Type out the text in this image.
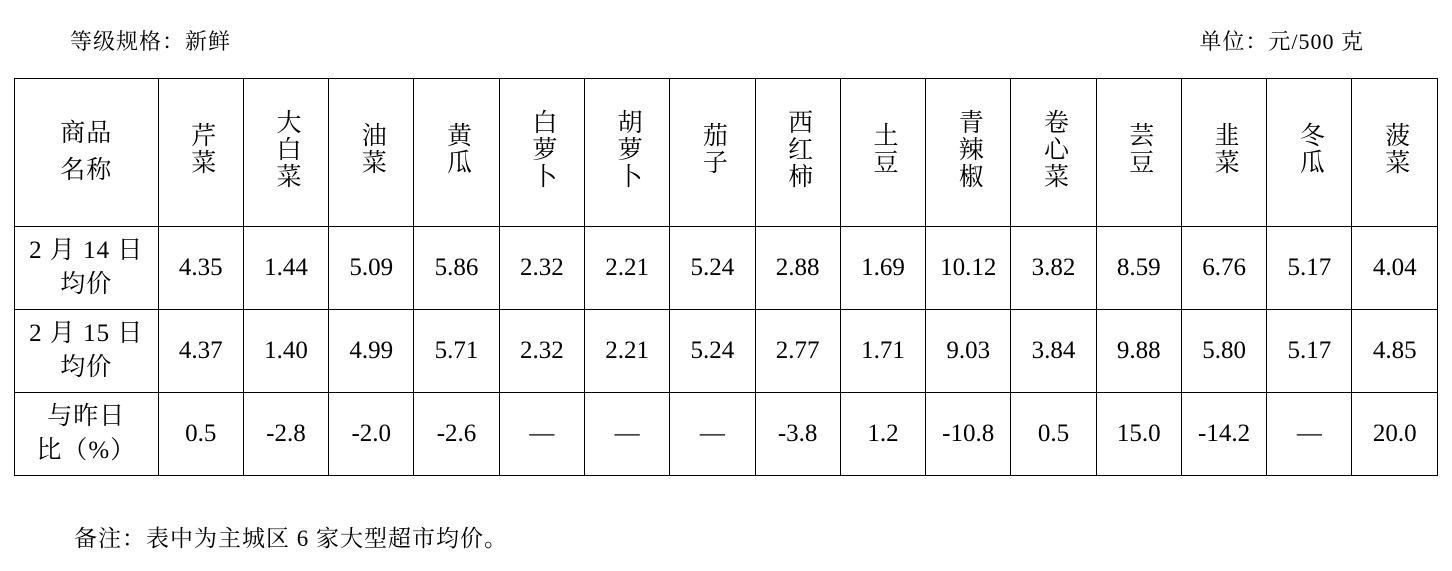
等级规格：新鲜	单位：元/500 克
商品
名称	芹菜	大白菜	油菜	黄瓜	白萝卜	胡萝卜	茄子	西红柿	土豆	青辣椒	卷心菜	芸豆	韭菜	冬瓜	菠菜

2 月 14 日
均价	4.35	1.44	5.09	5.86	2.32	2.21	5.24	2.88	1.69	10.12	3.82	8.59	6.76	5.17	4.04

2 月 15 日
均价	4.37	1.40	4.99	5.71	2.32	2.21	5.24	2.77	1.71	9.03	3.84	9.88	5.80	5.17	4.85

与昨日
比（%）	0.5	-2.8	-2.0	-2.6	—	—	—	-3.8	1.2	-10.8	0.5	15.0	-14.2	—	20.0
备注：表中为主城区 6 家大型超市均价。
